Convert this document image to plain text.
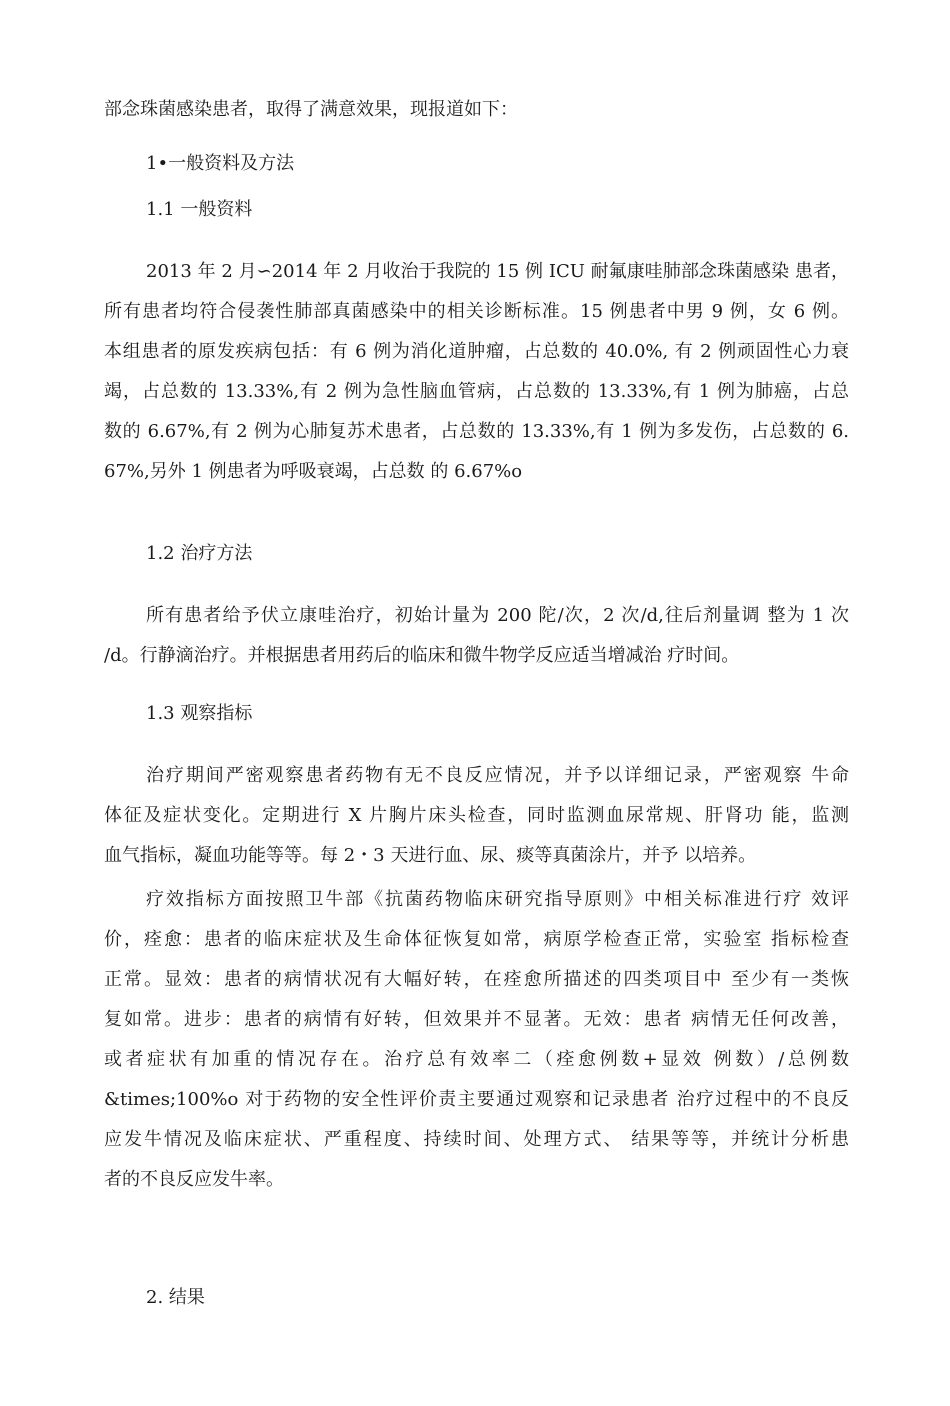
部念珠菌感染患者，取得了满意效果，现报道如下：

1•一般资料及方法

1.1 一般资料

2013 年 2 月∽2014 年 2 月收治于我院的 15 例 ICU 耐氟康哇肺部念珠菌感染 患者，
所有患者均符合侵袭性肺部真菌感染中的相关诊断标准。15 例患者中男 9 例，女 6 例。
本组患者的原发疾病包括：有 6 例为消化道肿瘤，占总数的 40.0%, 有 2 例顽固性心力衰
竭，占总数的 13.33%,有 2 例为急性脑血管病，占总数的 13.33%,有 1 例为肺癌，占总
数的 6.67%,有 2 例为心肺复苏术患者，占总数的 13.33%,有 1 例为多发伤，占总数的 6.
67%,另外 1 例患者为呼吸衰竭，占总数 的 6.67%o

1.2 治疗方法

所有患者给予伏立康哇治疗，初始计量为 200 陀/次，2 次/d,往后剂量调 整为 1 次
/d。行静滴治疗。并根据患者用药后的临床和微牛物学反应适当增减治 疗时间。

1.3 观察指标

治疗期间严密观察患者药物有无不良反应情况，并予以详细记录，严密观察 牛命
体征及症状变化。定期进行 X 片胸片床头检查，同时监测血尿常规、肝肾功 能，监测
血气指标，凝血功能等等。每 2・3 天进行血、尿、痰等真菌涂片，并予 以培养。
疗效指标方面按照卫牛部《抗菌药物临床研究指导原则》中相关标准进行疗 效评
价，痊愈：患者的临床症状及生命体征恢复如常，病原学检查正常，实验室 指标检查
正常。显效：患者的病情状况有大幅好转，在痊愈所描述的四类项目中 至少有一类恢
复如常。进步：患者的病情有好转，但效果并不显著。无效：患者 病情无任何改善，
或者症状有加重的情况存在。治疗总有效率二（痊愈例数+显效 例数）/总例数
&times;100%o 对于药物的安全性评价责主要通过观察和记录患者 治疗过程中的不良反
应发牛情况及临床症状、严重程度、持续时间、处理方式、 结果等等，并统计分析患
者的不良反应发牛率。

2. 结果
